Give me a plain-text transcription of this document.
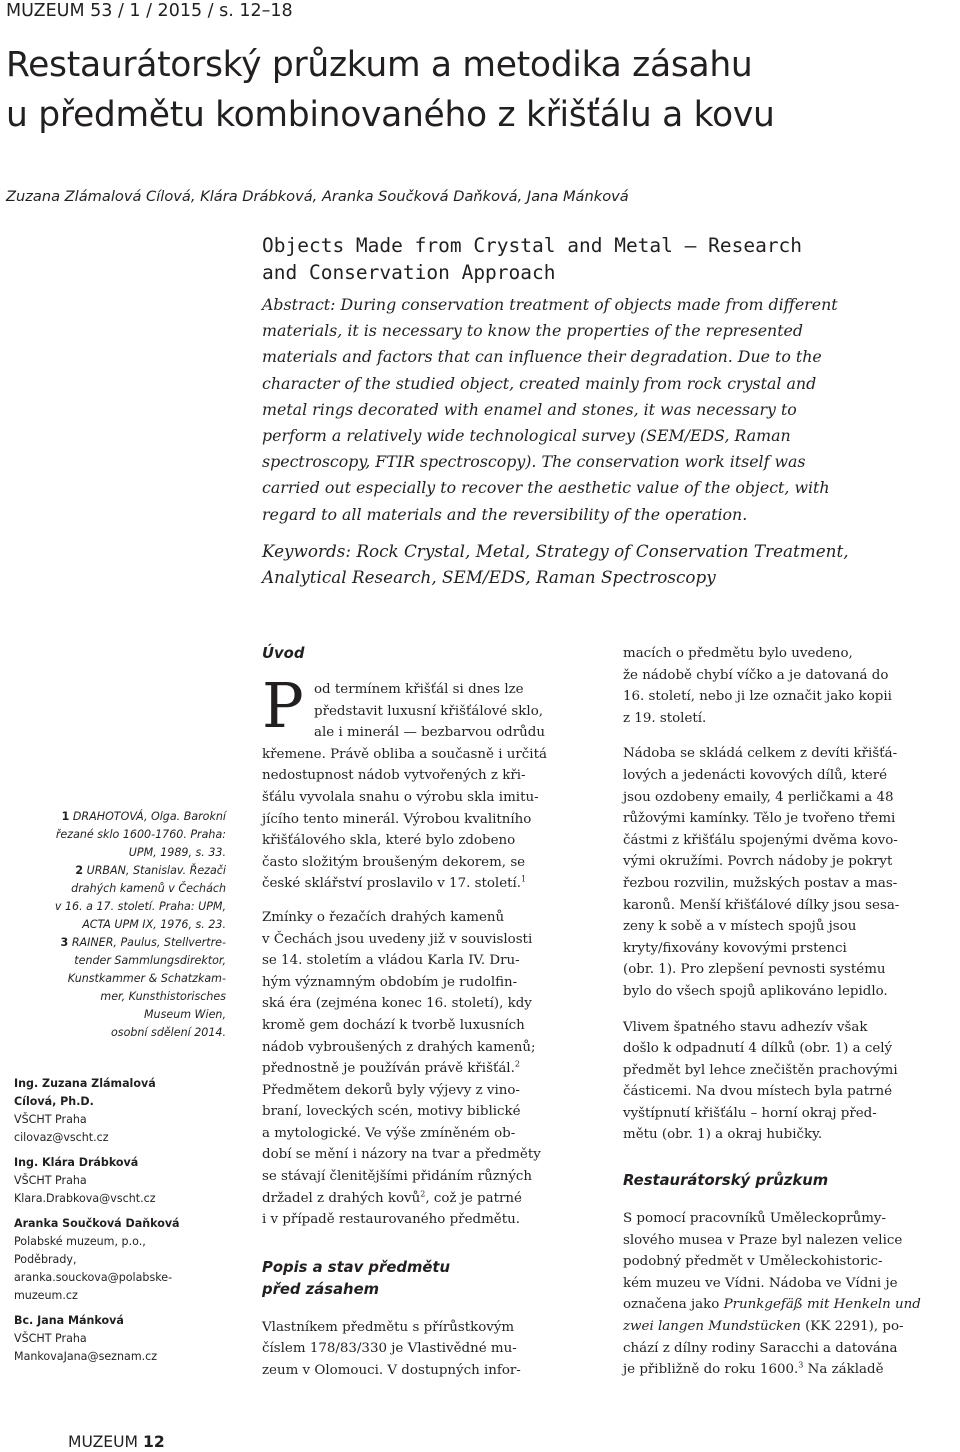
MUZEUM 53 / 1 / 2015 / s. 12–18
Restaurátorský průzkum a metodika zásahu
u předmětu kombinovaného z křišťálu a kovu
Zuzana Zlámalová Cílová, Klára Drábková, Aranka Součková Daňková, Jana Mánková
Objects Made from Crystal and Metal — Research
and Conservation Approach
Abstract: During conservation treatment of objects made from different
materials, it is necessary to know the properties of the represented
materials and factors that can influence their degradation. Due to the
character of the studied object, created mainly from rock crystal and
metal rings decorated with enamel and stones, it was necessary to
perform a relatively wide technological survey (SEM/EDS, Raman
spectroscopy, FTIR spectroscopy). The conservation work itself was
carried out especially to recover the aesthetic value of the object, with
regard to all materials and the reversibility of the operation.
Keywords: Rock Crystal, Metal, Strategy of Conservation Treatment,
Analytical Research, SEM/EDS, Raman Spectroscopy
1 DRAHOTOVÁ, Olga. Barokní
řezané sklo 1600-1760. Praha:
UPM, 1989, s. 33.
2 URBAN, Stanislav. Řezači
drahých kamenů v Čechách
v 16. a 17. století. Praha: UPM,
ACTA UPM IX, 1976, s. 23.
3 RAINER, Paulus, Stellvertre-
tender Sammlungsdirektor,
Kunstkammer & Schatzkam-
mer, Kunsthistorisches
Museum Wien,
osobní sdělení 2014.
Ing. Zuzana Zlámalová
Cílová, Ph.D.
VŠCHT Praha
cilovaz@vscht.cz
Ing. Klára Drábková
VŠCHT Praha
Klara.Drabkova@vscht.cz
Aranka Součková Daňková
Polabské muzeum, p.o.,
Poděbrady,
aranka.souckova@polabske-
muzeum.cz
Bc. Jana Mánková
VŠCHT Praha
MankovaJana@seznam.cz
Úvod
P od termínem křišťál si dnes lze
představit luxusní křišťálové sklo,
ale i minerál — bezbarvou odrůdu
křemene. Právě obliba a současně i určitá
nedostupnost nádob vytvořených z kři-
šťálu vyvolala snahu o výrobu skla imitu-
jícího tento minerál. Výrobou kvalitního
křišťálového skla, které bylo zdobeno
často složitým broušeným dekorem, se
české sklářství proslavilo v 17. století.$^1$
Zmínky o řezačích drahých kamenů
v Čechách jsou uvedeny již v souvislosti
se 14. stoletím a vládou Karla IV. Dru-
hým významným obdobím je rudolfin-
ská éra (zejména konec 16. století), kdy
kromě gem dochází k tvorbě luxusních
nádob vybroušených z drahých kamenů;
přednostně je používán právě křišťál.$^2$
Předmětem dekorů byly výjevy z vino-
braní, loveckých scén, motivy biblické
a mytologické. Ve výše zmíněném ob-
dobí se mění i názory na tvar a předměty
se stávají členitějšími přidáním různých
držadel z drahých kovů$^2$, což je patrné
i v případě restaurovaného předmětu.
Popis a stav předmětu
před zásahem
Vlastníkem předmětu s přírůstkovým
číslem 178/83/330 je Vlastivědné mu-
zeum v Olomouci. V dostupných infor-
macích o předmětu bylo uvedeno,
že nádobě chybí víčko a je datovaná do
16. století, nebo ji lze označit jako kopii
z 19. století.
Nádoba se skládá celkem z devíti křišťá-
lových a jedenácti kovových dílů, které
jsou ozdobeny emaily, 4 perličkami a 48
růžovými kamínky. Tělo je tvořeno třemi
částmi z křišťálu spojenými dvěma kovo-
vými okružími. Povrch nádoby je pokryt
řezbou rozvilin, mužských postav a mas-
karonů. Menší křišťálové dílky jsou sesa-
zeny k sobě a v místech spojů jsou
kryty/fixovány kovovými prstenci
(obr. 1). Pro zlepšení pevnosti systému
bylo do všech spojů aplikováno lepidlo.
Vlivem špatného stavu adhezív však
došlo k odpadnutí 4 dílků (obr. 1) a celý
předmět byl lehce znečištěn prachovými
částicemi. Na dvou místech byla patrné
vyštípnutí křišťálu – horní okraj před-
mětu (obr. 1) a okraj hubičky.
Restaurátorský průzkum
S pomocí pracovníků Uměleckoprůmy-
slového musea v Praze byl nalezen velice
podobný předmět v Uměleckohistoric-
kém muzeu ve Vídni. Nádoba ve Vídni je
označena jako Prunkgefäß mit Henkeln und
zwei langen Mundstücken (KK 2291), po-
chází z dílny rodiny Saracchi a datována
je přibližně do roku 1600.$^3$ Na základě
MUZEUM 12
